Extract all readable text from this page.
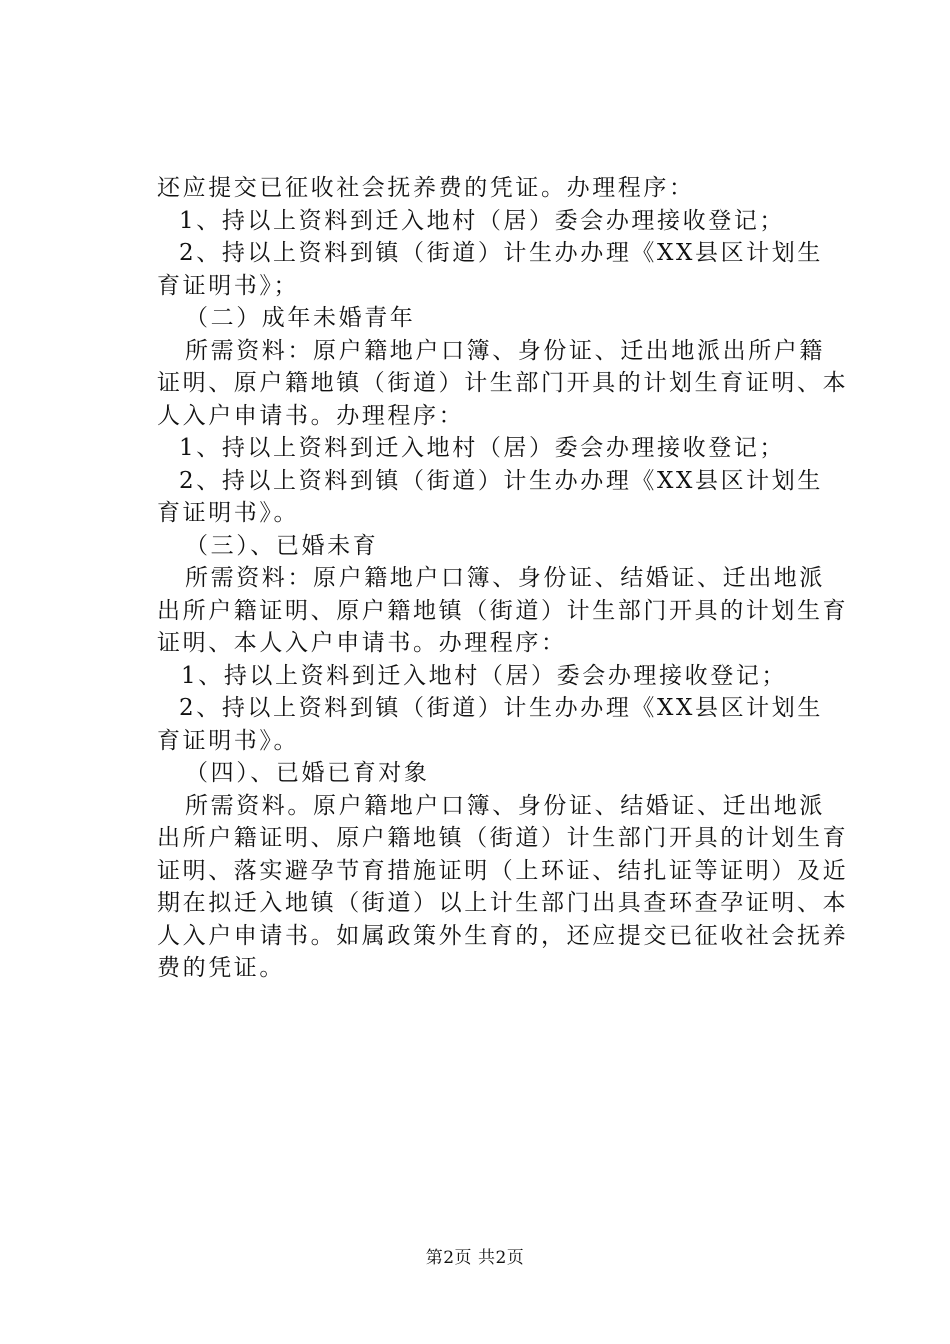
还应提交已征收社会抚养费的凭证。办理程序：
1、持以上资料到迁入地村（居）委会办理接收登记；
2、持以上资料到镇（街道）计生办办理《XX县区计划生
育证明书》；
（二）成年未婚青年
所需资料：原户籍地户口簿、身份证、迁出地派出所户籍
证明、原户籍地镇（街道）计生部门开具的计划生育证明、本
人入户申请书。办理程序：
1、持以上资料到迁入地村（居）委会办理接收登记；
2、持以上资料到镇（街道）计生办办理《XX县区计划生
育证明书》。
（三）、已婚未育
所需资料：原户籍地户口簿、身份证、结婚证、迁出地派
出所户籍证明、原户籍地镇（街道）计生部门开具的计划生育
证明、本人入户申请书。办理程序：
1、持以上资料到迁入地村（居）委会办理接收登记；
2、持以上资料到镇（街道）计生办办理《XX县区计划生
育证明书》。
（四）、已婚已育对象
所需资料。原户籍地户口簿、身份证、结婚证、迁出地派
出所户籍证明、原户籍地镇（街道）计生部门开具的计划生育
证明、落实避孕节育措施证明（上环证、结扎证等证明）及近
期在拟迁入地镇（街道）以上计生部门出具查环查孕证明、本
人入户申请书。如属政策外生育的，还应提交已征收社会抚养
费的凭证。
第2页 共2页
